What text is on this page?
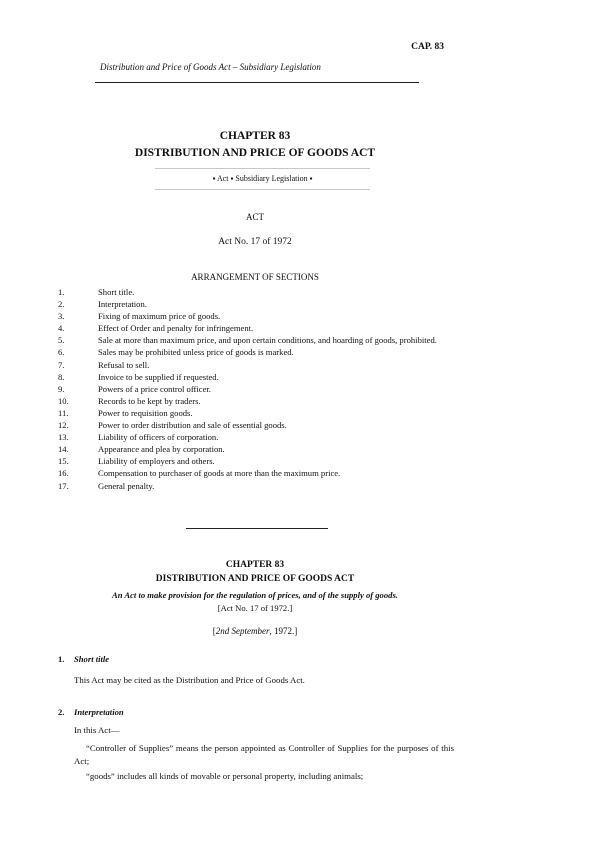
CAP. 83
Distribution and Price of Goods Act – Subsidiary Legislation
CHAPTER 83
DISTRIBUTION AND PRICE OF GOODS ACT
▪ Act ▪ Subsidiary Legislation ▪
ACT
Act No. 17 of 1972
ARRANGEMENT OF SECTIONS
1.	Short title.
2.	Interpretation.
3.	Fixing of maximum price of goods.
4.	Effect of Order and penalty for infringement.
5.	Sale at more than maximum price, and upon certain conditions, and hoarding of goods, prohibited.
6.	Sales may be prohibited unless price of goods is marked.
7.	Refusal to sell.
8.	Invoice to be supplied if requested.
9.	Powers of a price control officer.
10.	Records to be kept by traders.
11.	Power to requisition goods.
12.	Power to order distribution and sale of essential goods.
13.	Liability of officers of corporation.
14.	Appearance and plea by corporation.
15.	Liability of employers and others.
16.	Compensation to purchaser of goods at more than the maximum price.
17.	General penalty.
CHAPTER 83
DISTRIBUTION AND PRICE OF GOODS ACT
An Act to make provision for the regulation of prices, and of the supply of goods.
[Act No. 17 of 1972.]
[2nd September, 1972.]
1. Short title
This Act may be cited as the Distribution and Price of Goods Act.
2. Interpretation
In this Act—
“Controller of Supplies” means the person appointed as Controller of Supplies for the purposes of this Act;
“goods” includes all kinds of movable or personal property, including animals;
